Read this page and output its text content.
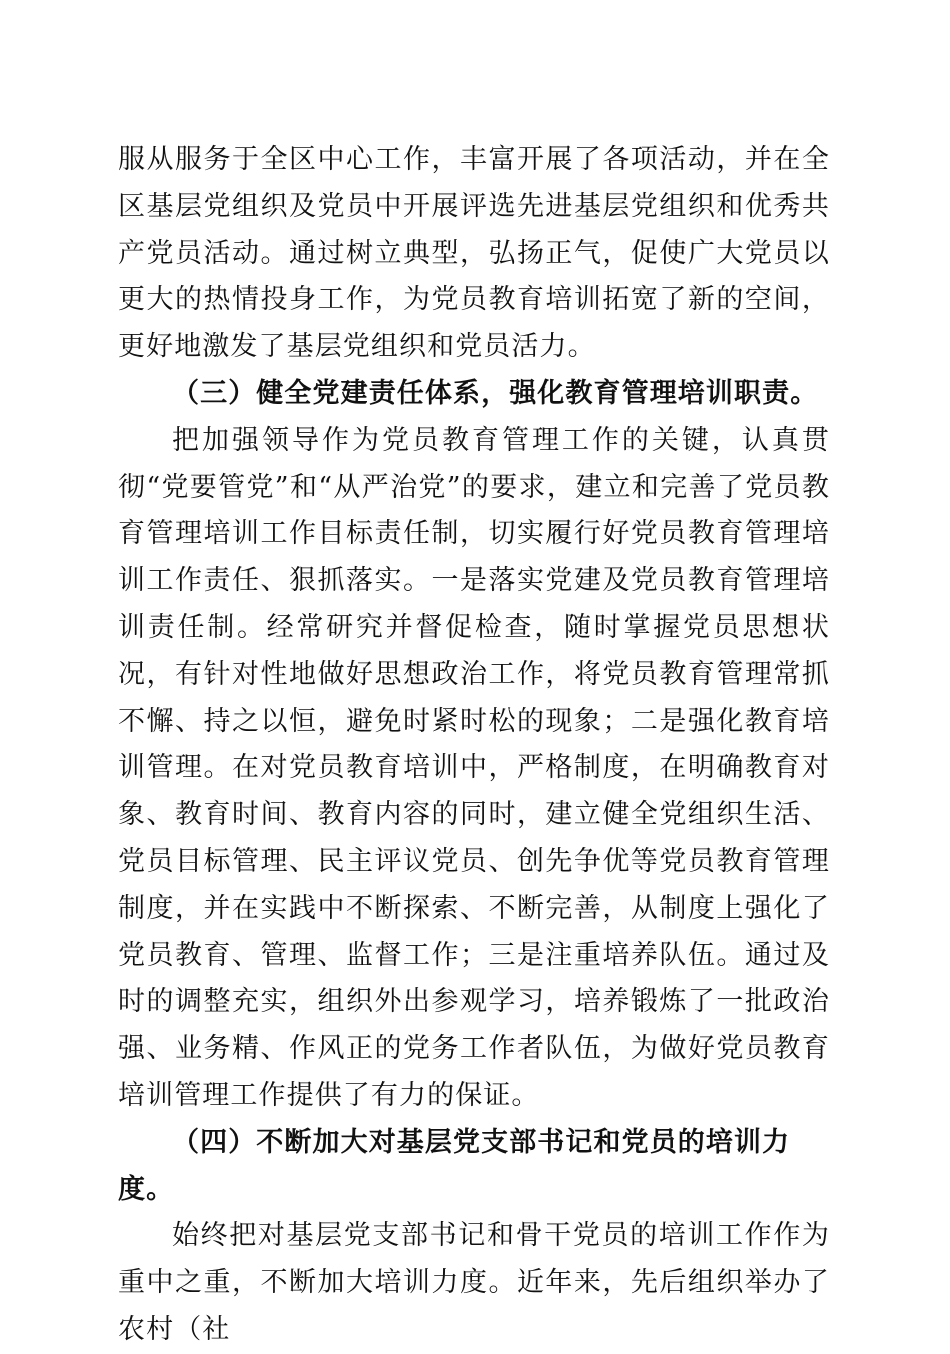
服从服务于全区中心工作，丰富开展了各项活动，并在全区基层党组织及党员中开展评选先进基层党组织和优秀共产党员活动。通过树立典型，弘扬正气，促使广大党员以更大的热情投身工作，为党员教育培训拓宽了新的空间，更好地激发了基层党组织和党员活力。

（三）健全党建责任体系，强化教育管理培训职责。

把加强领导作为党员教育管理工作的关键，认真贯彻“党要管党”和“从严治党”的要求，建立和完善了党员教育管理培训工作目标责任制，切实履行好党员教育管理培训工作责任、狠抓落实。一是落实党建及党员教育管理培训责任制。经常研究并督促检查，随时掌握党员思想状况，有针对性地做好思想政治工作，将党员教育管理常抓不懈、持之以恒，避免时紧时松的现象；二是强化教育培训管理。在对党员教育培训中，严格制度，在明确教育对象、教育时间、教育内容的同时，建立健全党组织生活、党员目标管理、民主评议党员、创先争优等党员教育管理制度，并在实践中不断探索、不断完善，从制度上强化了党员教育、管理、监督工作；三是注重培养队伍。通过及时的调整充实，组织外出参观学习，培养锻炼了一批政治强、业务精、作风正的党务工作者队伍，为做好党员教育培训管理工作提供了有力的保证。

（四）不断加大对基层党支部书记和党员的培训力度。

始终把对基层党支部书记和骨干党员的培训工作作为重中之重，不断加大培训力度。近年来，先后组织举办了农村（社
